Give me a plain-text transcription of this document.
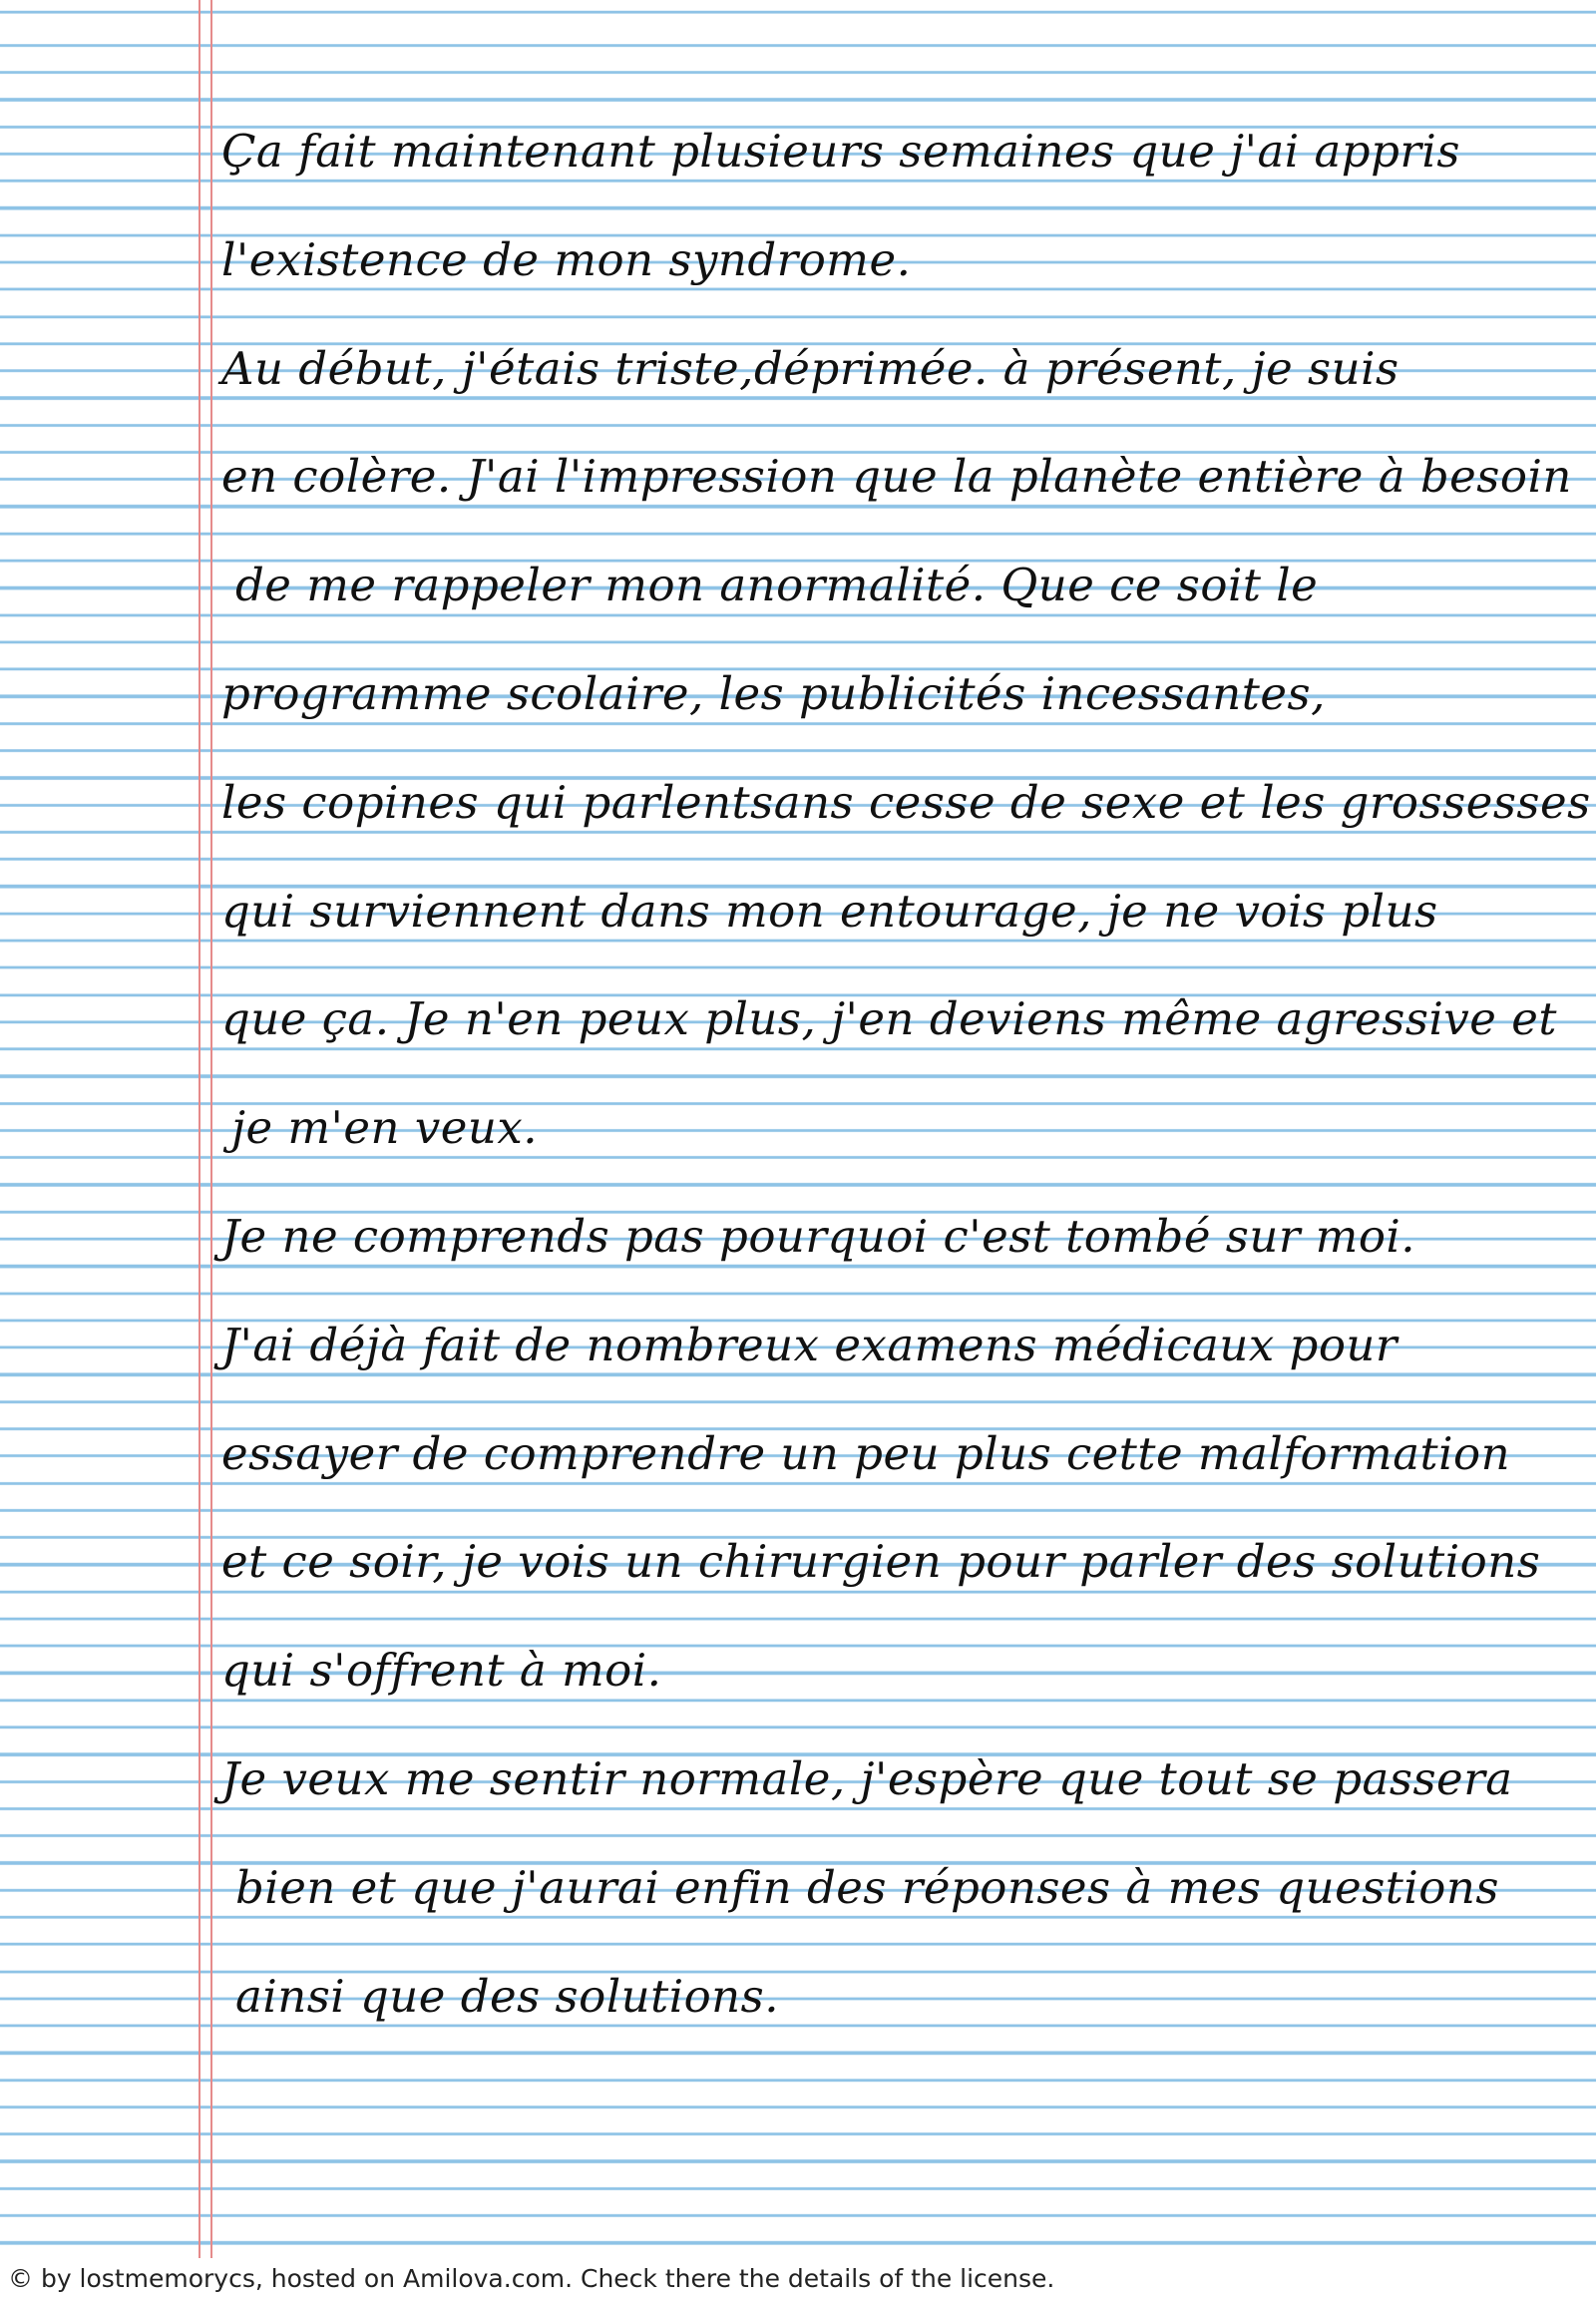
Ça fait maintenant plusieurs semaines que j'ai appris
l'existence de mon syndrome.
Au début, j'étais triste,déprimée. à présent, je suis
en colère. J'ai l'impression que la planète entière à besoin
de me rappeler mon anormalité. Que ce soit le
programme scolaire, les publicités incessantes,
les copines qui parlentsans cesse de sexe et les grossesses
qui surviennent dans mon entourage, je ne vois plus
que ça. Je n'en peux plus, j'en deviens même agressive et
je m'en veux.
Je ne comprends pas pourquoi c'est tombé sur moi.
J'ai déjà fait de nombreux examens médicaux pour
essayer de comprendre un peu plus cette malformation
et ce soir, je vois un chirurgien pour parler des solutions
qui s'offrent à moi.
Je veux me sentir normale, j'espère que tout se passera
bien et que j'aurai enfin des réponses à mes questions
ainsi que des solutions.
© by lostmemorycs, hosted on Amilova.com. Check there the details of the license.
